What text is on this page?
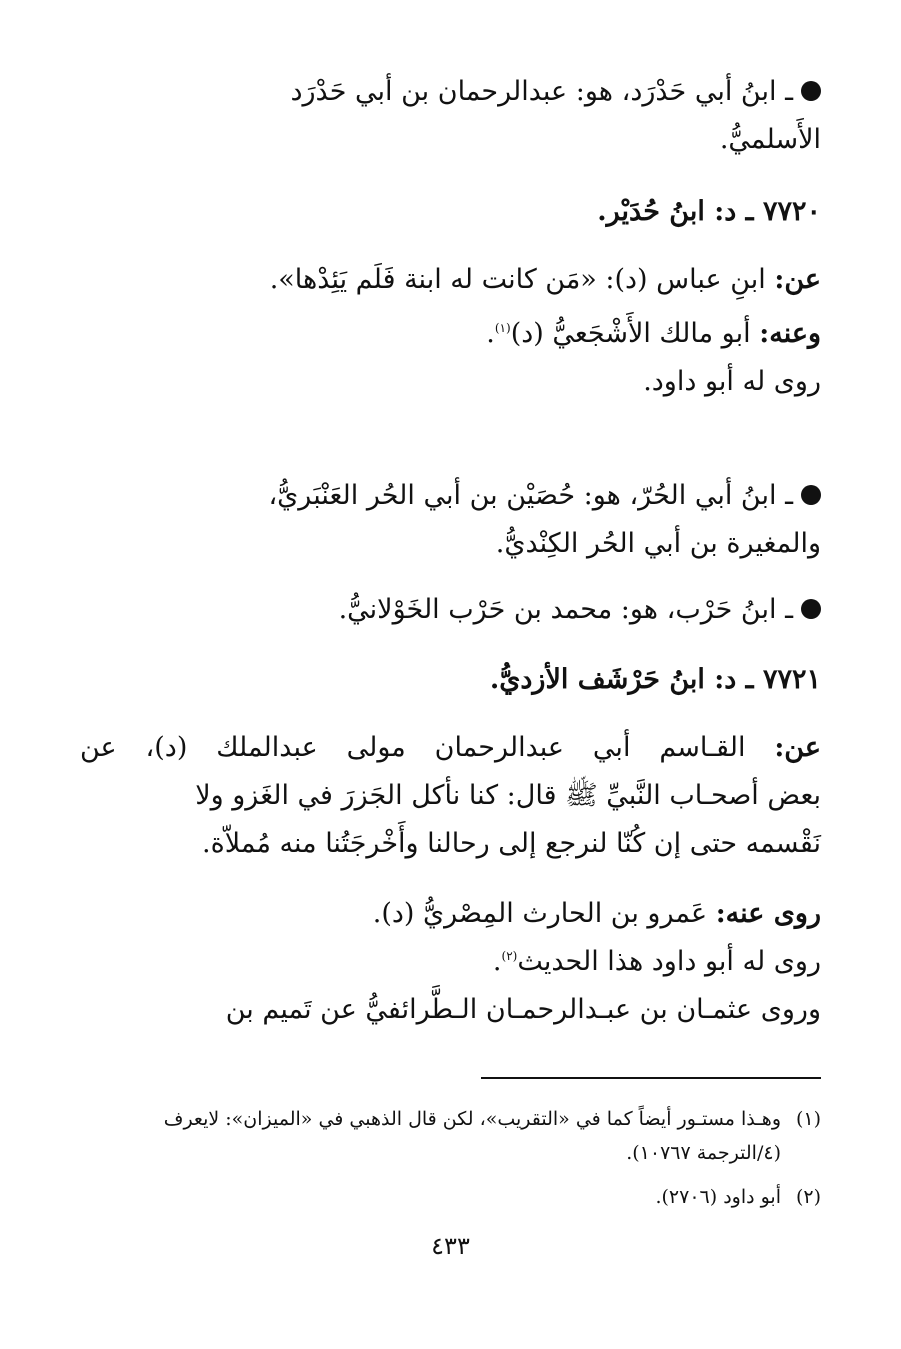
ـ ابنُ أبي حَدْرَد، هو: عبدالرحمان بن أبي حَدْرَد
الأَسلميُّ.
٧٧٢٠ ـ د: ابنُ حُدَيْر.
عن: ابنِ عباس (د): «مَن كانت له ابنة فَلَم يَئِدْها».
وعنه: أبو مالك الأَشْجَعيُّ (د)$^{(١)}$.
روى له أبو داود.
ـ ابنُ أبي الحُرّ، هو: حُصَيْن بن أبي الحُر العَنْبَريُّ،
والمغيرة بن أبي الحُر الكِنْديُّ.
ـ ابنُ حَرْب، هو: محمد بن حَرْب الخَوْلانيُّ.
٧٧٢١ ـ د: ابنُ حَرْشَف الأزديُّ.
عن: القـاسم أبي عبدالرحمان مولى عبدالملك (د)، عن
بعض أصحـاب النَّبيِّ ﷺ قال: كنا نأكل الجَزرَ في الغَزو ولا
نَقْسمه حتى إن كُنّا لنرجع إلى رحالنا وأَخْرجَتُنا منه مُملاّة.
روى عنه: عَمرو بن الحارث المِصْريُّ (د).
روى له أبو داود هذا الحديث$^{(٢)}$.
وروى عثمـان بن عبـدالرحمـان الـطَّرائفيُّ عن تَميم بن
(١)وهـذا مستـور أيضاً كما في «التقريب»، لكن قال الذهبي في «الميزان»: لايعرف
(٤/الترجمة ١٠٧٦٧).
(٢)أبو داود (٢٧٠٦).
٤٣٣
